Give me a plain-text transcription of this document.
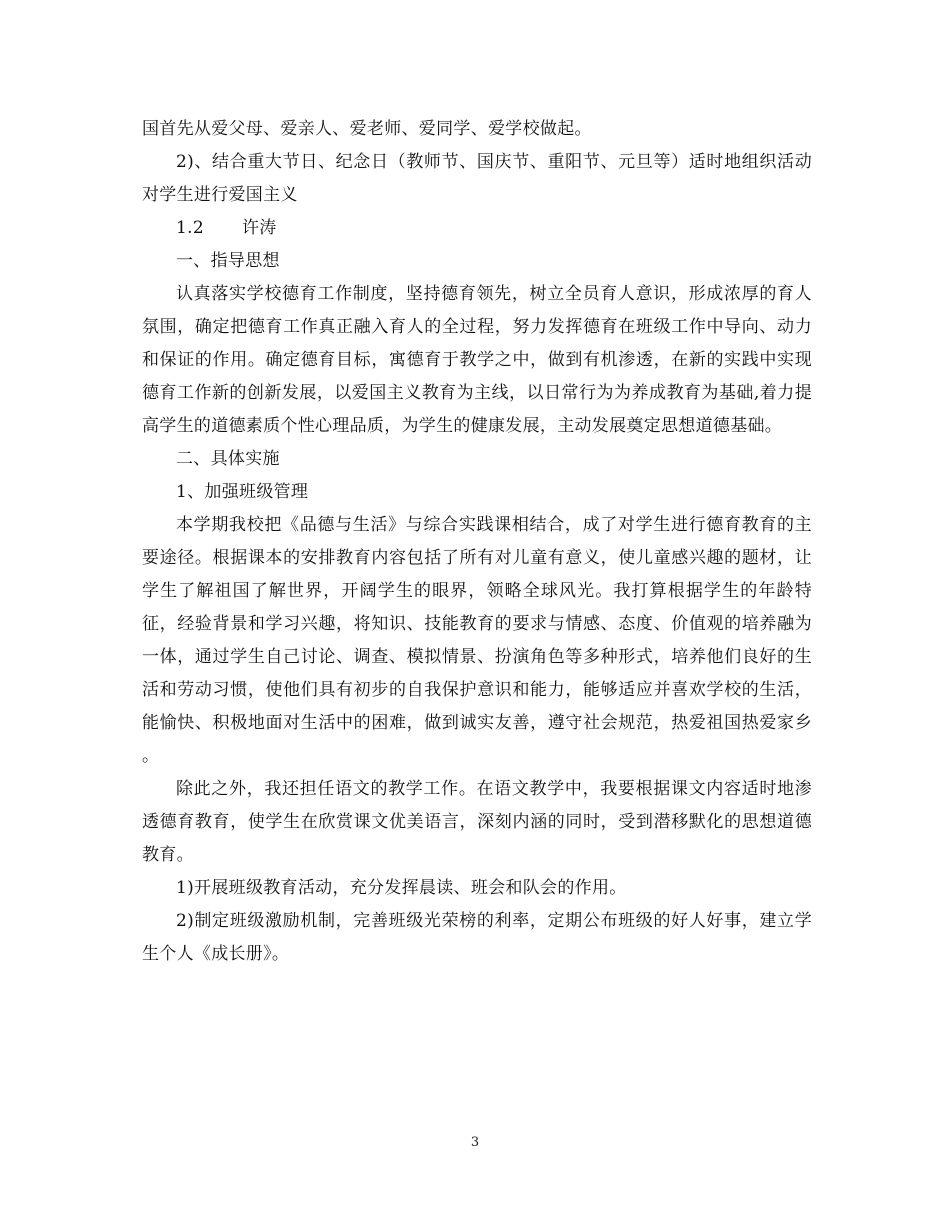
国首先从爱父母、爱亲人、爱老师、爱同学、爱学校做起。

2)、结合重大节日、纪念日（教师节、国庆节、重阳节、元旦等）适时地组织活动对学生进行爱国主义

1.2 许涛

一、指导思想

认真落实学校德育工作制度，坚持德育领先，树立全员育人意识，形成浓厚的育人氛围，确定把德育工作真正融入育人的全过程，努力发挥德育在班级工作中导向、动力和保证的作用。确定德育目标，寓德育于教学之中，做到有机渗透，在新的实践中实现德育工作新的创新发展，以爱国主义教育为主线，以日常行为为养成教育为基础,着力提高学生的道德素质个性心理品质，为学生的健康发展，主动发展奠定思想道德基础。

二、具体实施

1、加强班级管理

本学期我校把《品德与生活》与综合实践课相结合，成了对学生进行德育教育的主要途径。根据课本的安排教育内容包括了所有对儿童有意义，使儿童感兴趣的题材，让学生了解祖国了解世界，开阔学生的眼界，领略全球风光。我打算根据学生的年龄特征，经验背景和学习兴趣，将知识、技能教育的要求与情感、态度、价值观的培养融为一体，通过学生自己讨论、调查、模拟情景、扮演角色等多种形式，培养他们良好的生活和劳动习惯，使他们具有初步的自我保护意识和能力，能够适应并喜欢学校的生活，能愉快、积极地面对生活中的困难，做到诚实友善，遵守社会规范，热爱祖国热爱家乡 。

除此之外，我还担任语文的教学工作。在语文教学中，我要根据课文内容适时地渗透德育教育，使学生在欣赏课文优美语言，深刻内涵的同时，受到潜移默化的思想道德教育。

1)开展班级教育活动，充分发挥晨读、班会和队会的作用。

2)制定班级激励机制，完善班级光荣榜的利率，定期公布班级的好人好事，建立学生个人《成长册》。

3
